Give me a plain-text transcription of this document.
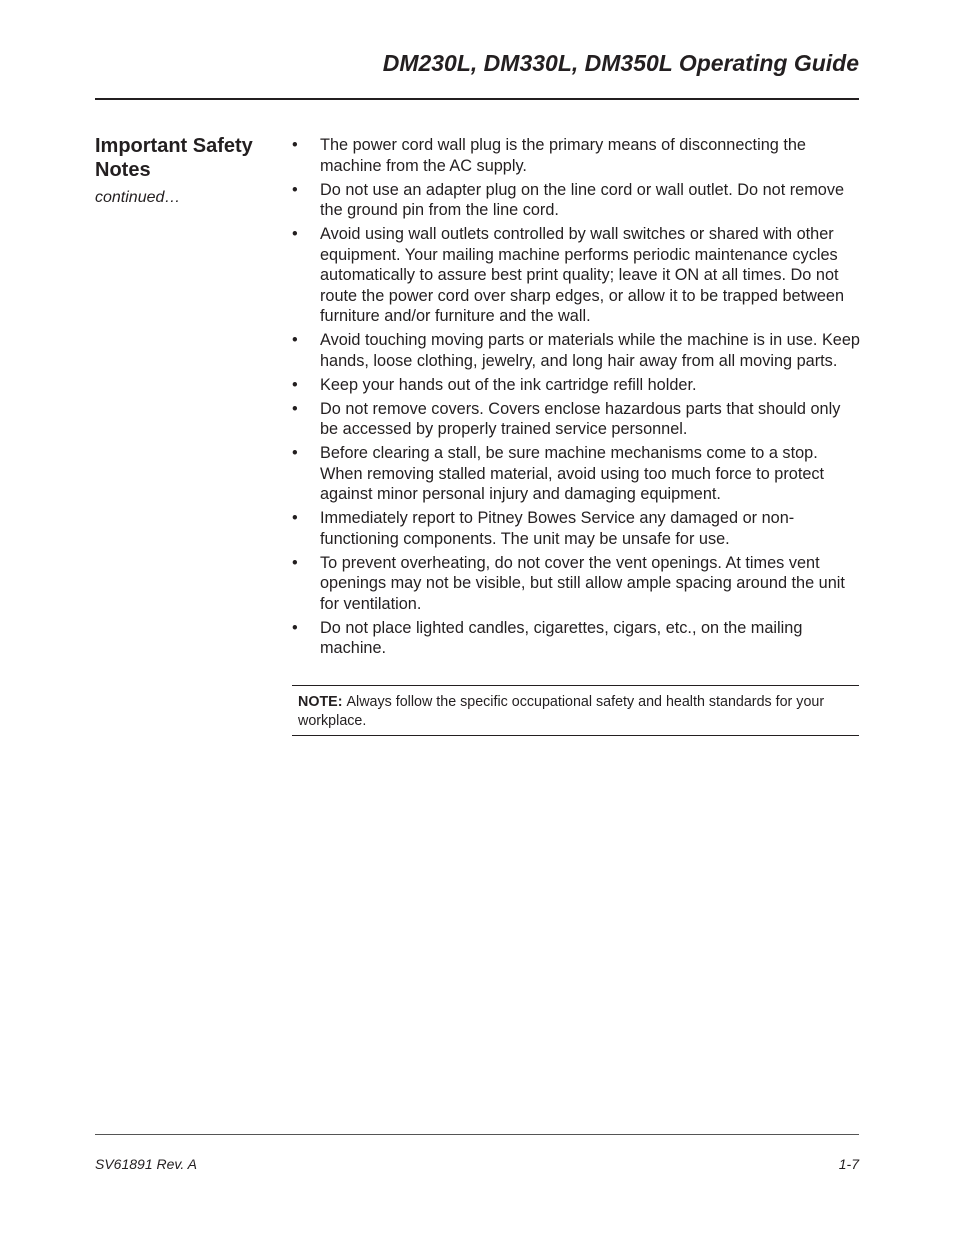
DM230L, DM330L, DM350L Operating Guide
Important Safety Notes
continued…
• The power cord wall plug is the primary means of disconnecting the machine from the AC supply.
• Do not use an adapter plug on the line cord or wall outlet. Do not remove the ground pin from the line cord.
• Avoid using wall outlets controlled by wall switches or shared with other equipment. Your mailing machine performs periodic maintenance cycles automatically to assure best print quality; leave it ON at all times. Do not route the power cord over sharp edges, or allow it to be trapped between furniture and/or furniture and the wall.
• Avoid touching moving parts or materials while the machine is in use. Keep hands, loose clothing, jewelry, and long hair away from all moving parts.
• Keep your hands out of the ink cartridge refill holder.
• Do not remove covers. Covers enclose hazardous parts that should only be accessed by properly trained service personnel.
• Before clearing a stall, be sure machine mechanisms come to a stop. When removing stalled material, avoid using too much force to protect against minor personal injury and damaging equipment.
• Immediately report to Pitney Bowes Service any damaged or non-functioning components. The unit may be unsafe for use.
• To prevent overheating, do not cover the vent openings. At times vent openings may not be visible, but still allow ample spacing around the unit for ventilation.
• Do not place lighted candles, cigarettes, cigars, etc., on the mailing machine.
NOTE: Always follow the specific occupational safety and health standards for your workplace.
SV61891 Rev. A	1-7
